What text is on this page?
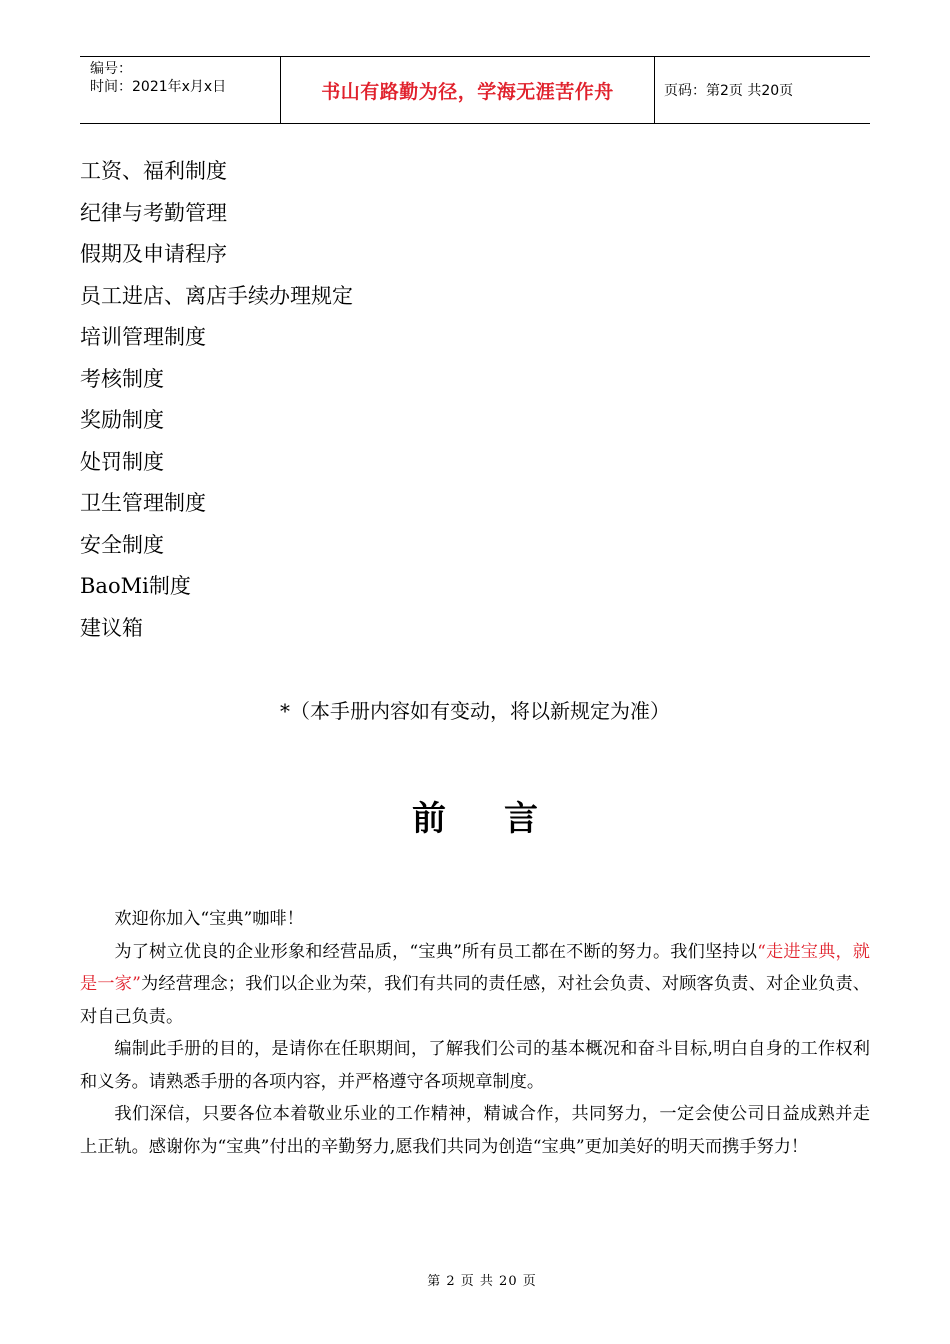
编号：
时间：2021年x月x日	书山有路勤为径，学海无涯苦作舟	页码：第2页 共20页
工资、福利制度
纪律与考勤管理
假期及申请程序
员工进店、离店手续办理规定
培训管理制度
考核制度
奖励制度
处罚制度
卫生管理制度
安全制度
BaoMi制度
建议箱
*（本手册内容如有变动，将以新规定为准）
前言

欢迎你加入“宝典”咖啡！

为了树立优良的企业形象和经营品质，“宝典”所有员工都在不断的努力。我们坚持以“走进宝典，就是一家”为经营理念；我们以企业为荣，我们有共同的责任感，对社会负责、对顾客负责、对企业负责、对自己负责。

编制此手册的目的，是请你在任职期间，了解我们公司的基本概况和奋斗目标,明白自身的工作权利和义务。请熟悉手册的各项内容，并严格遵守各项规章制度。

我们深信，只要各位本着敬业乐业的工作精神，精诚合作，共同努力，一定会使公司日益成熟并走上正轨。感谢你为“宝典”付出的辛勤努力,愿我们共同为创造“宝典”更加美好的明天而携手努力！

第 2 页 共 20 页
